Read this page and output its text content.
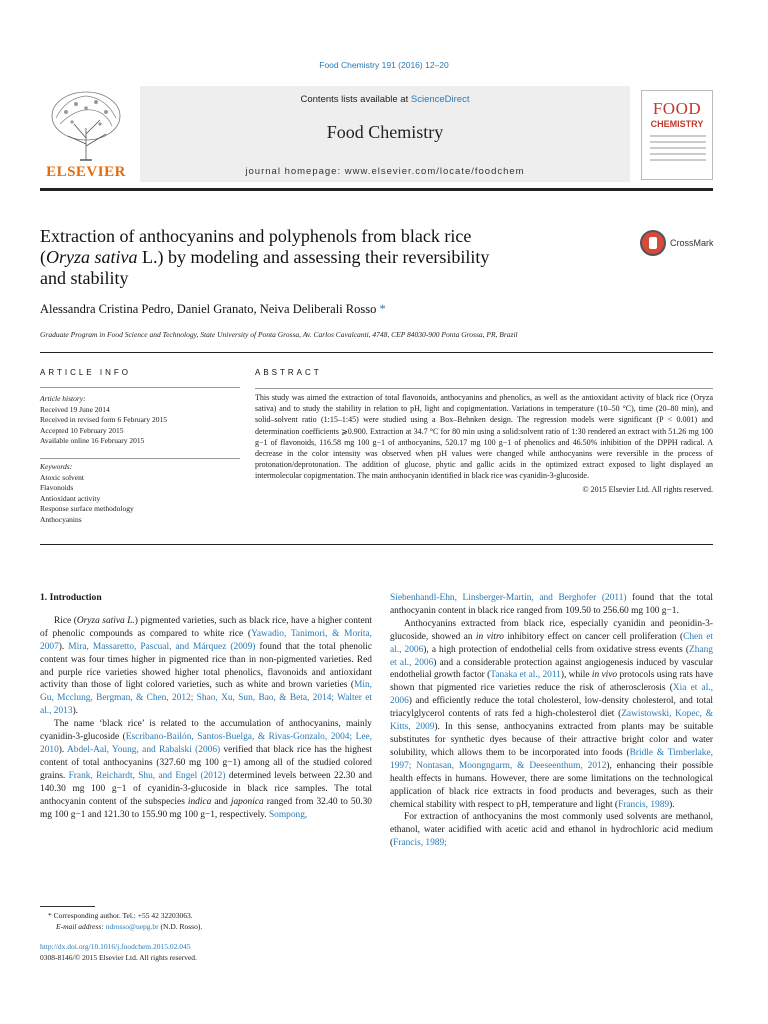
Food Chemistry 191 (2016) 12–20
ELSEVIER
Contents lists available at ScienceDirect
Food Chemistry
journal homepage: www.elsevier.com/locate/foodchem
FOOD
CHEMISTRY
Extraction of anthocyanins and polyphenols from black rice
(Oryza sativa L.) by modeling and assessing their reversibility
and stability
CrossMark
Alessandra Cristina Pedro, Daniel Granato, Neiva Deliberali Rosso *
Graduate Program in Food Science and Technology, State University of Ponta Grossa, Av. Carlos Cavalcanti, 4748, CEP 84030-900 Ponta Grossa, PR, Brazil
ARTICLE INFO
Article history:
Received 19 June 2014
Received in revised form 6 February 2015
Accepted 10 February 2015
Available online 16 February 2015
Keywords:
Atoxic solvent
Flavonoids
Antioxidant activity
Response surface methodology
Anthocyanins
ABSTRACT
This study was aimed the extraction of total flavonoids, anthocyanins and phenolics, as well as the antioxidant activity of black rice (Oryza sativa) and to study the stability in relation to pH, light and copigmentation. Variations in temperature (10–50 °C), time (20–80 min), and solid–solvent ratio (1:15–1:45) were studied using a Box–Behnken design. The regression models were significant (P < 0.001) and determination coefficients ⩾0.900. Extraction at 34.7 °C for 80 min using a solid:solvent ratio of 1:30 rendered an extract with 51.26 mg 100 g−1 of flavonoids, 116.58 mg 100 g−1 of anthocyanins, 520.17 mg 100 g−1 of phenolics and 46.50% inhibition of the DPPH radical. A decrease in the color intensity was observed when pH values were changed while anthocyanins were reversible in the process of protonation/deprotonation. The addition of glucose, phytic and gallic acids in the optimized extract exposed to light displayed an intermolecular copigmentation. The main anthocyanin identified in black rice was cyanidin-3-glucoside.
© 2015 Elsevier Ltd. All rights reserved.

1. Introduction

Rice (Oryza sativa L.) pigmented varieties, such as black rice, have a higher content of phenolic compounds as compared to white rice (Yawadio, Tanimori, & Morita, 2007). Mira, Massaretto, Pascual, and Márquez (2009) found that the total phenolic content was four times higher in pigmented rice than in non-pigmented varieties. Red and purple rice varieties showed higher total phenolics, flavonoids and antioxidant activity than those of light colored varieties, such as white and brown varieties (Min, Gu, Mcclung, Bergman, & Chen, 2012; Shao, Xu, Sun, Bao, & Beta, 2014; Walter et al., 2013).

The name ‘black rice’ is related to the accumulation of anthocyanins, mainly cyanidin-3-glucoside (Escribano-Bailón, Santos-Buelga, & Rivas-Gonzalo, 2004; Lee, 2010). Abdel-Aal, Young, and Rabalski (2006) verified that black rice has the highest content of total anthocyanins (327.60 mg 100 g−1) among all of the studied colored grains. Frank, Reichardt, Shu, and Engel (2012) determined levels between 22.30 and 140.30 mg 100 g−1 of cyanidin-3-glucoside in black rice samples. The total anthocyanin content of the subspecies indica and japonica ranged from 32.40 to 50.30 mg 100 g−1 and 121.30 to 155.90 mg 100 g−1, respectively. Sompong,

Siebenhandl-Ehn, Linsberger-Martin, and Berghofer (2011) found that the total anthocyanin content in black rice ranged from 109.50 to 256.60 mg 100 g−1.

Anthocyanins extracted from black rice, especially cyanidin and peonidin-3-glucoside, showed an in vitro inhibitory effect on cancer cell proliferation (Chen et al., 2006), a high protection of endothelial cells from oxidative stress events (Zhang et al., 2006) and a considerable protection against angiogenesis induced by vascular endothelial growth factor (Tanaka et al., 2011), while in vivo protocols using rats have shown that pigmented rice varieties reduce the risk of atherosclerosis (Xia et al., 2006) and efficiently reduce the total cholesterol, low-density cholesterol, and total triacylglycerol contents of rats fed a high-cholesterol diet (Zawistowski, Kopec, & Kitts, 2009). In this sense, anthocyanins extracted from plants may be suitable substitutes for synthetic dyes because of their attractive bright color and water solubility, which allows them to be incorporated into foods (Bridle & Timberlake, 1997; Nontasan, Moongngarm, & Deeseenthum, 2012), enhancing their possible health effects in humans. However, there are some limitations on the technological application of black rice extracts in food products and beverages, such as their chemical stability with respect to pH, temperature and light (Francis, 1989).

For extraction of anthocyanins the most commonly used solvents are methanol, ethanol, water acidified with acetic acid and ethanol in hydrochloric acid medium (Francis, 1989;

* Corresponding author. Tel.: +55 42 32203063.
E-mail address: ndrosso@uepg.br (N.D. Rosso).
http://dx.doi.org/10.1016/j.foodchem.2015.02.045
0308-8146/© 2015 Elsevier Ltd. All rights reserved.
